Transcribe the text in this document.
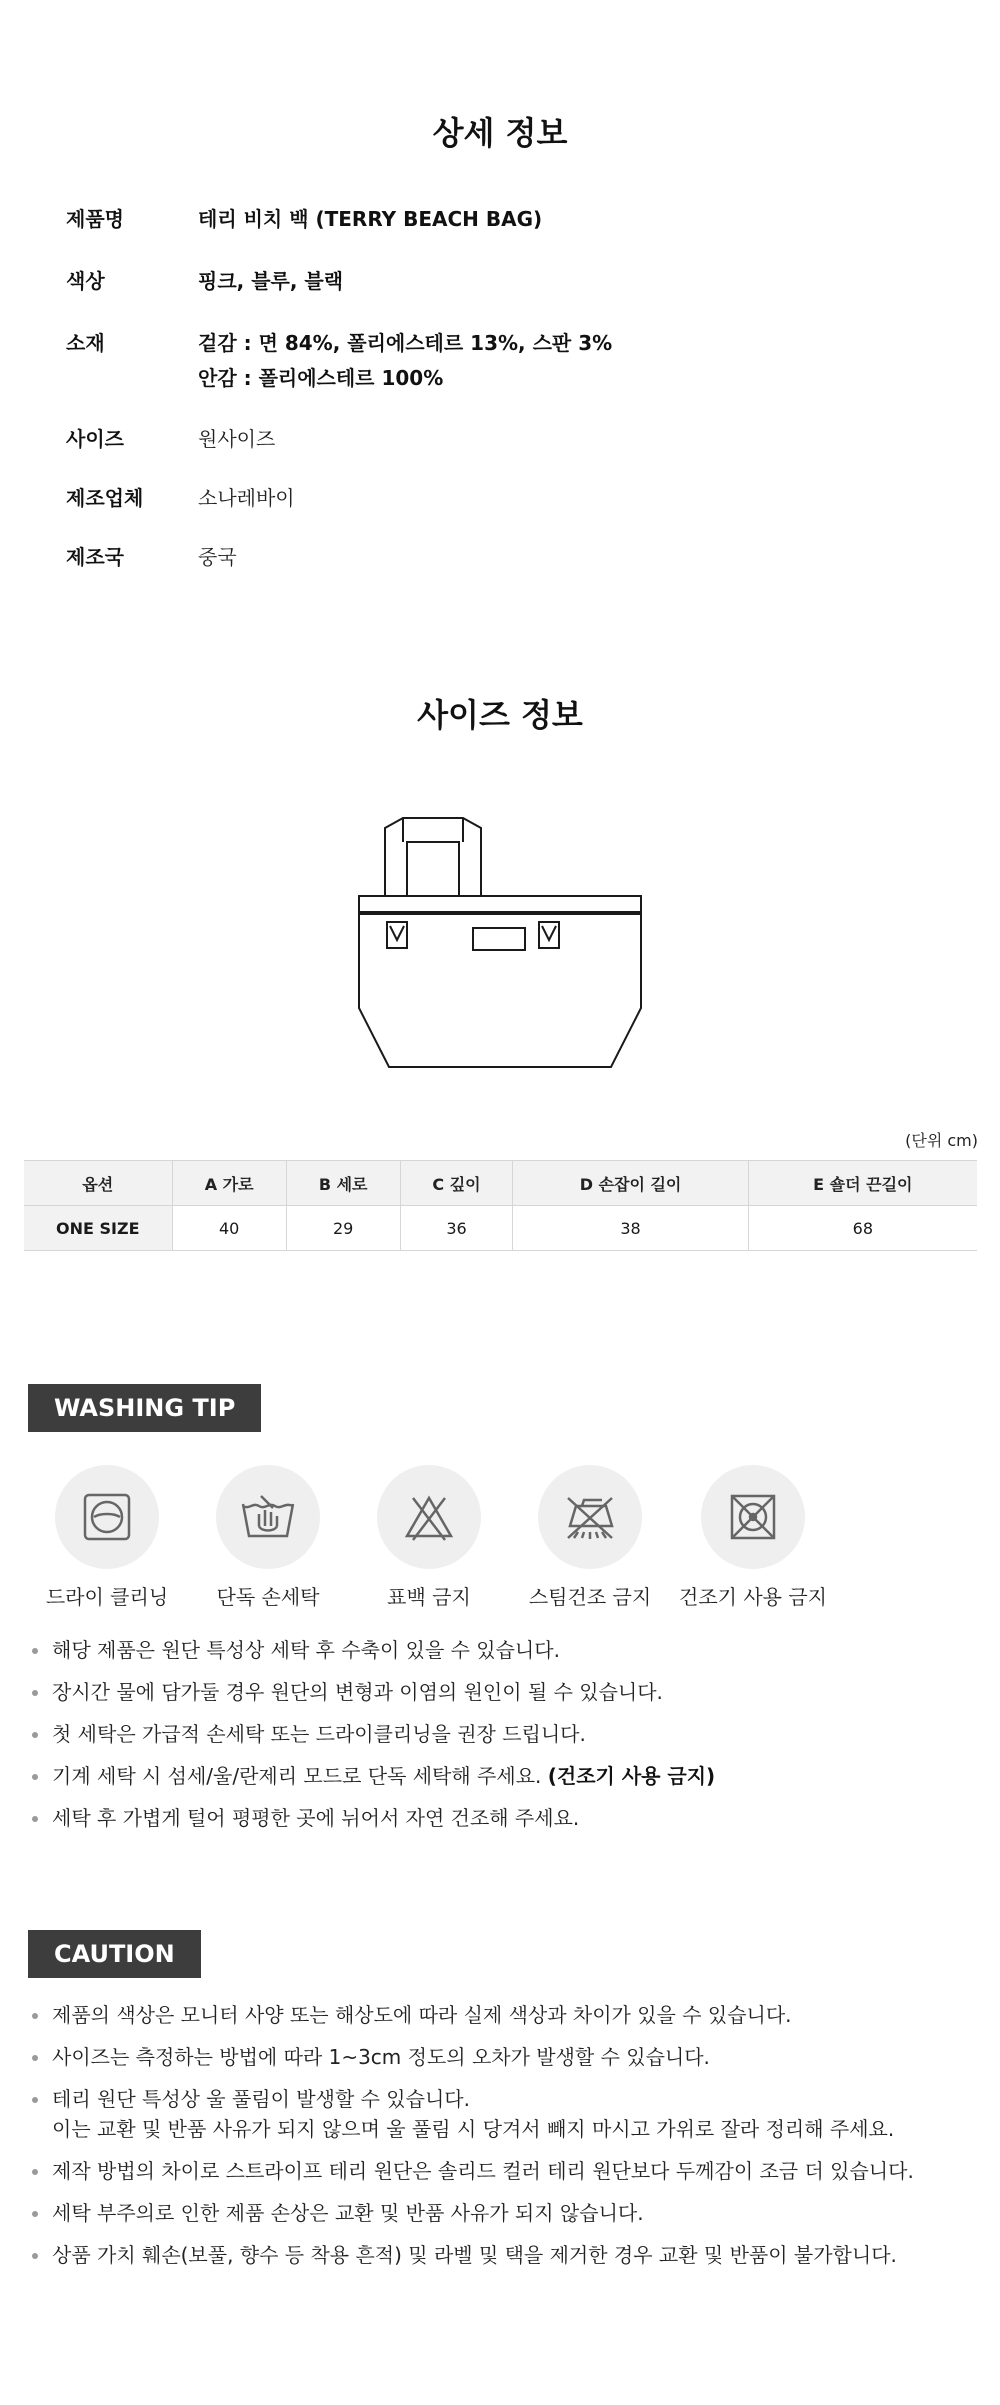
상세 정보
제품명	테리 비치 백 (TERRY BEACH BAG)
색상	핑크, 블루, 블랙
소재	겉감 : 면 84%, 폴리에스테르 13%, 스판 3%
안감 : 폴리에스테르 100%
사이즈	원사이즈
제조업체	소나레바이
제조국	중국
사이즈 정보
(단위 cm)
옵션	A 가로	B 세로	C 깊이	D 손잡이 길이	E 숄더 끈길이
ONE SIZE	40	29	36	38	68
WASHING TIP
드라이 클리닝	단독 손세탁	표백 금지	스팀건조 금지	건조기 사용 금지
해당 제품은 원단 특성상 세탁 후 수축이 있을 수 있습니다.
장시간 물에 담가둘 경우 원단의 변형과 이염의 원인이 될 수 있습니다.
첫 세탁은 가급적 손세탁 또는 드라이클리닝을 권장 드립니다.
기계 세탁 시 섬세/울/란제리 모드로 단독 세탁해 주세요. (건조기 사용 금지)
세탁 후 가볍게 털어 평평한 곳에 뉘어서 자연 건조해 주세요.
CAUTION
제품의 색상은 모니터 사양 또는 해상도에 따라 실제 색상과 차이가 있을 수 있습니다.
사이즈는 측정하는 방법에 따라 1~3cm 정도의 오차가 발생할 수 있습니다.
테리 원단 특성상 울 풀림이 발생할 수 있습니다.
이는 교환 및 반품 사유가 되지 않으며 울 풀림 시 당겨서 빼지 마시고 가위로 잘라 정리해 주세요.
제작 방법의 차이로 스트라이프 테리 원단은 솔리드 컬러 테리 원단보다 두께감이 조금 더 있습니다.
세탁 부주의로 인한 제품 손상은 교환 및 반품 사유가 되지 않습니다.
상품 가치 훼손(보풀, 향수 등 착용 흔적) 및 라벨 및 택을 제거한 경우 교환 및 반품이 불가합니다.
